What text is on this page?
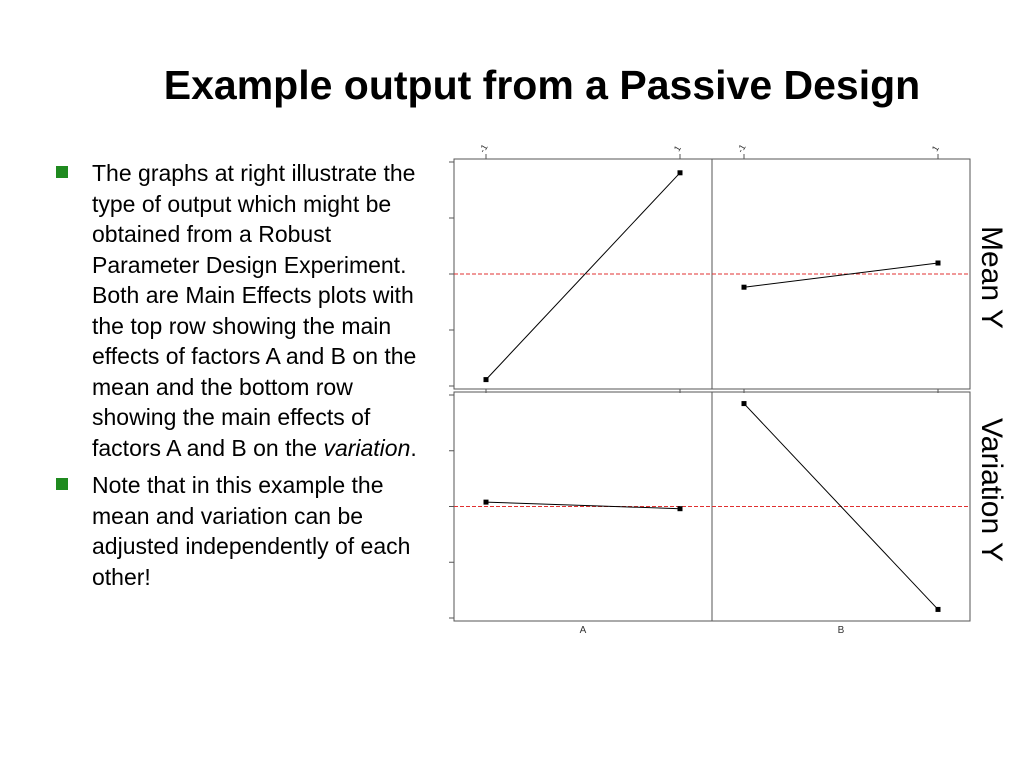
Example output from a Passive Design
The graphs at right illustrate the type of output which might be obtained from a Robust Parameter Design Experiment. Both are Main Effects plots with the top row showing the main effects of factors A and B on the mean and the bottom row showing the main effects of factors A and B on the variation.
Note that in this example the mean and variation can be adjusted independently of each other!
-1	1	-1	1
A	B
Mean Y
Variation Y
